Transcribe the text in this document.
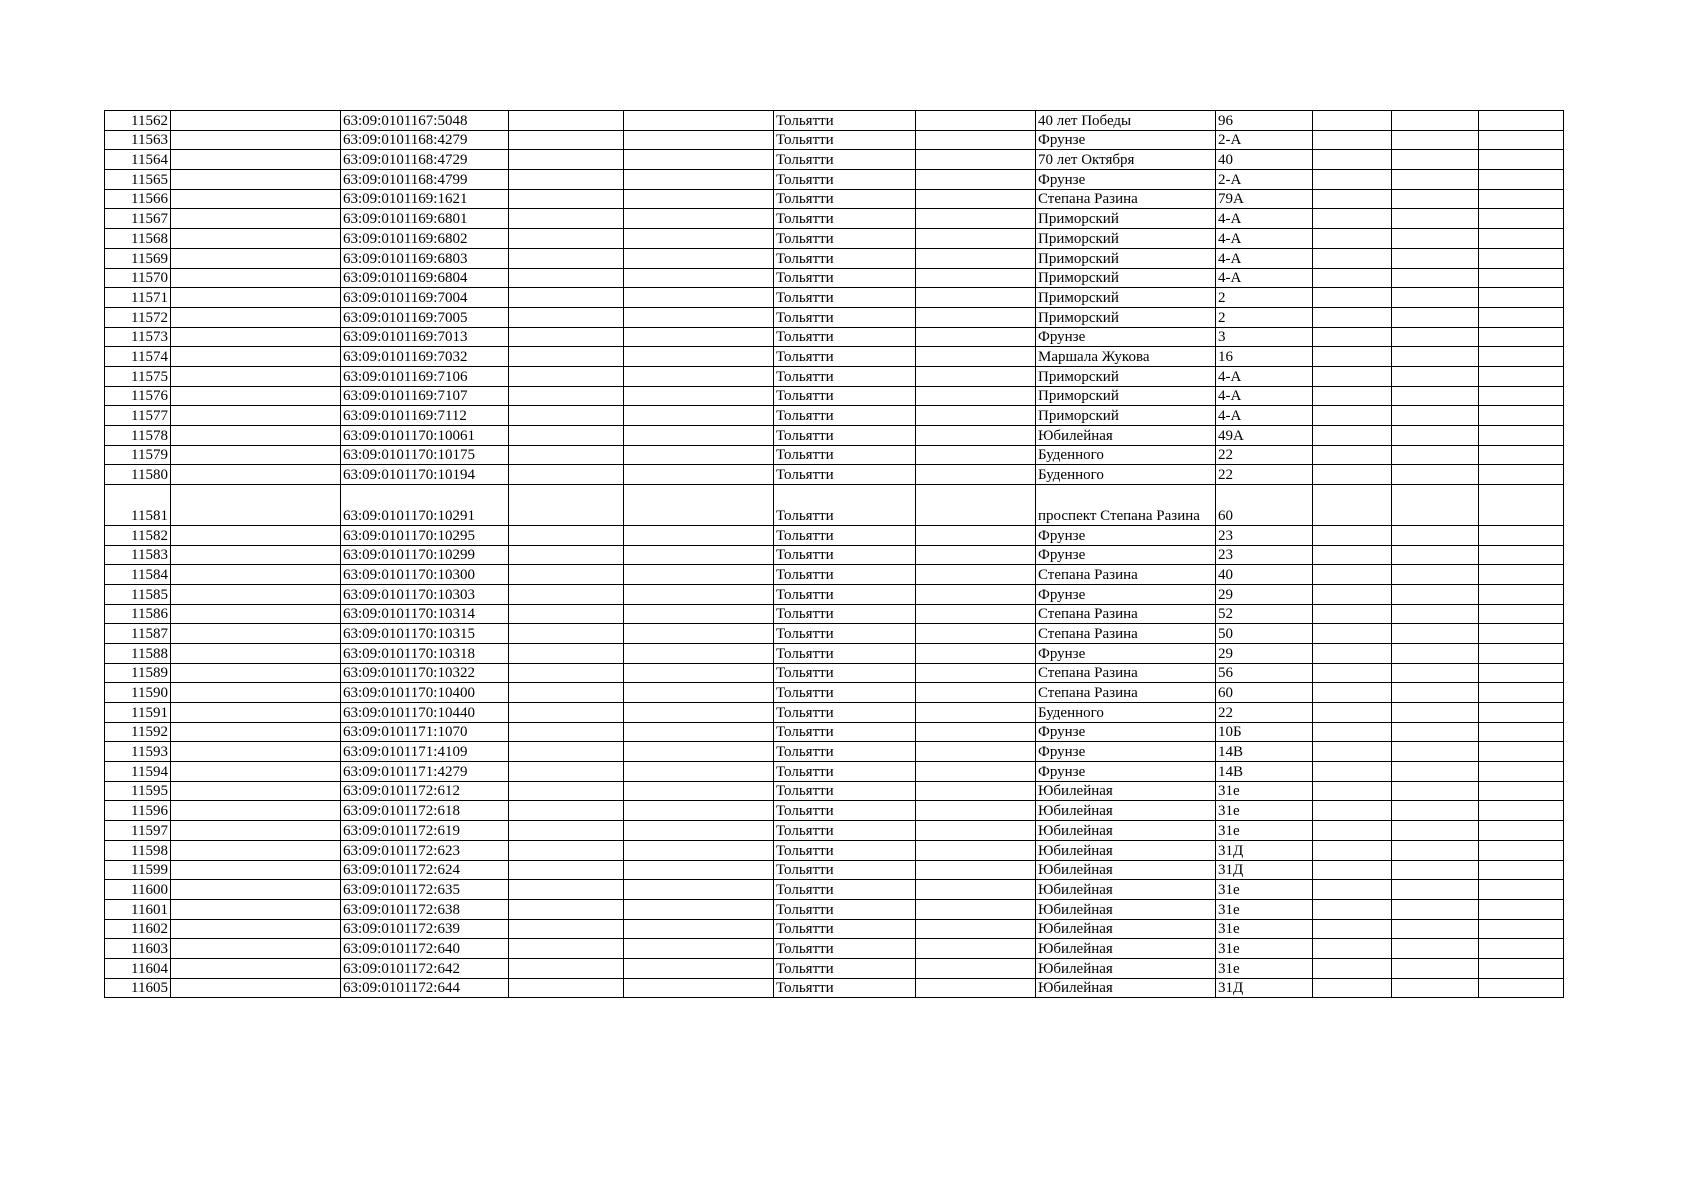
11562		63:09:0101167:5048			Тольятти		40 лет Победы	96			
11563		63:09:0101168:4279			Тольятти		Фрунзе	2-А			
11564		63:09:0101168:4729			Тольятти		70 лет Октября	40			
11565		63:09:0101168:4799			Тольятти		Фрунзе	2-А			
11566		63:09:0101169:1621			Тольятти		Степана Разина	79А			
11567		63:09:0101169:6801			Тольятти		Приморский	4-А			
11568		63:09:0101169:6802			Тольятти		Приморский	4-А			
11569		63:09:0101169:6803			Тольятти		Приморский	4-А			
11570		63:09:0101169:6804			Тольятти		Приморский	4-А			
11571		63:09:0101169:7004			Тольятти		Приморский	2			
11572		63:09:0101169:7005			Тольятти		Приморский	2			
11573		63:09:0101169:7013			Тольятти		Фрунзе	3			
11574		63:09:0101169:7032			Тольятти		Маршала Жукова	16			
11575		63:09:0101169:7106			Тольятти		Приморский	4-А			
11576		63:09:0101169:7107			Тольятти		Приморский	4-А			
11577		63:09:0101169:7112			Тольятти		Приморский	4-А			
11578		63:09:0101170:10061			Тольятти		Юбилейная	49А			
11579		63:09:0101170:10175			Тольятти		Буденного	22			
11580		63:09:0101170:10194			Тольятти		Буденного	22			
11581		63:09:0101170:10291			Тольятти		проспект Степана Разина	60			
11582		63:09:0101170:10295			Тольятти		Фрунзе	23			
11583		63:09:0101170:10299			Тольятти		Фрунзе	23			
11584		63:09:0101170:10300			Тольятти		Степана Разина	40			
11585		63:09:0101170:10303			Тольятти		Фрунзе	29			
11586		63:09:0101170:10314			Тольятти		Степана Разина	52			
11587		63:09:0101170:10315			Тольятти		Степана Разина	50			
11588		63:09:0101170:10318			Тольятти		Фрунзе	29			
11589		63:09:0101170:10322			Тольятти		Степана Разина	56			
11590		63:09:0101170:10400			Тольятти		Степана Разина	60			
11591		63:09:0101170:10440			Тольятти		Буденного	22			
11592		63:09:0101171:1070			Тольятти		Фрунзе	10Б			
11593		63:09:0101171:4109			Тольятти		Фрунзе	14В			
11594		63:09:0101171:4279			Тольятти		Фрунзе	14В			
11595		63:09:0101172:612			Тольятти		Юбилейная	31е			
11596		63:09:0101172:618			Тольятти		Юбилейная	31е			
11597		63:09:0101172:619			Тольятти		Юбилейная	31е			
11598		63:09:0101172:623			Тольятти		Юбилейная	31Д			
11599		63:09:0101172:624			Тольятти		Юбилейная	31Д			
11600		63:09:0101172:635			Тольятти		Юбилейная	31е			
11601		63:09:0101172:638			Тольятти		Юбилейная	31е			
11602		63:09:0101172:639			Тольятти		Юбилейная	31е			
11603		63:09:0101172:640			Тольятти		Юбилейная	31е			
11604		63:09:0101172:642			Тольятти		Юбилейная	31е			
11605		63:09:0101172:644			Тольятти		Юбилейная	31Д			
